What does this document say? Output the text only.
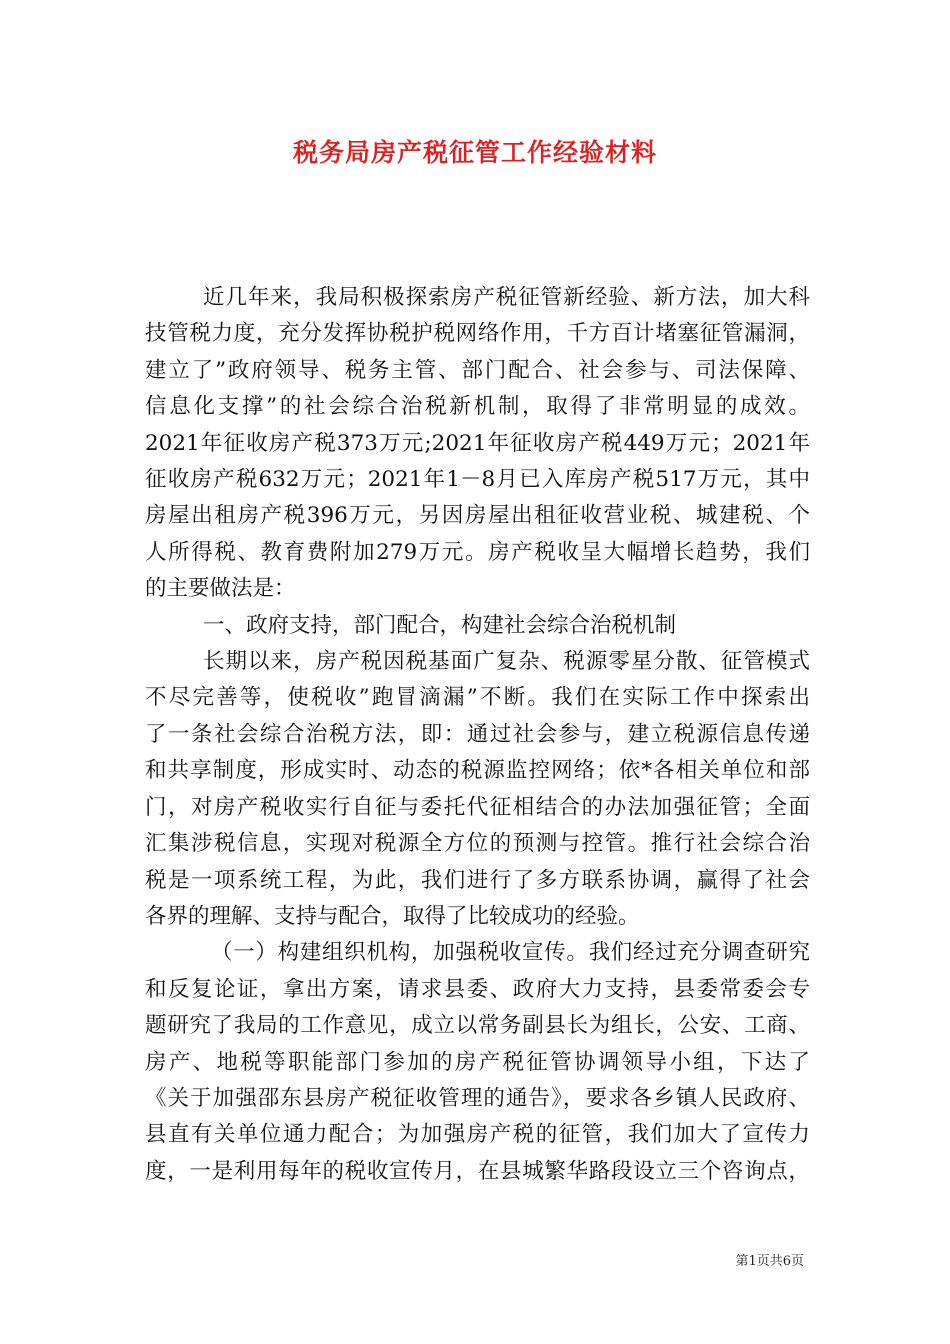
税务局房产税征管工作经验材料
近几年来，我局积极探索房产税征管新经验、新方法，加大科
技管税力度，充分发挥协税护税网络作用，千方百计堵塞征管漏洞，
建立了”政府领导、税务主管、部门配合、社会参与、司法保障、
信息化支撑”的社会综合治税新机制，取得了非常明显的成效。
2021年征收房产税373万元;2021年征收房产税449万元；2021年
征收房产税632万元；2021年1－8月已入库房产税517万元，其中
房屋出租房产税396万元，另因房屋出租征收营业税、城建税、个
人所得税、教育费附加279万元。房产税收呈大幅增长趋势，我们
的主要做法是：
一、政府支持，部门配合，构建社会综合治税机制
长期以来，房产税因税基面广复杂、税源零星分散、征管模式
不尽完善等，使税收”跑冒滴漏”不断。我们在实际工作中探索出
了一条社会综合治税方法，即：通过社会参与，建立税源信息传递
和共享制度，形成实时、动态的税源监控网络；依*各相关单位和部
门，对房产税收实行自征与委托代征相结合的办法加强征管；全面
汇集涉税信息，实现对税源全方位的预测与控管。推行社会综合治
税是一项系统工程，为此，我们进行了多方联系协调，赢得了社会
各界的理解、支持与配合，取得了比较成功的经验。
（一）构建组织机构，加强税收宣传。我们经过充分调查研究
和反复论证，拿出方案，请求县委、政府大力支持，县委常委会专
题研究了我局的工作意见，成立以常务副县长为组长，公安、工商、
房产、地税等职能部门参加的房产税征管协调领导小组，下达了
《关于加强邵东县房产税征收管理的通告》，要求各乡镇人民政府、
县直有关单位通力配合；为加强房产税的征管，我们加大了宣传力
度，一是利用每年的税收宣传月，在县城繁华路段设立三个咨询点，
第1页共6页
